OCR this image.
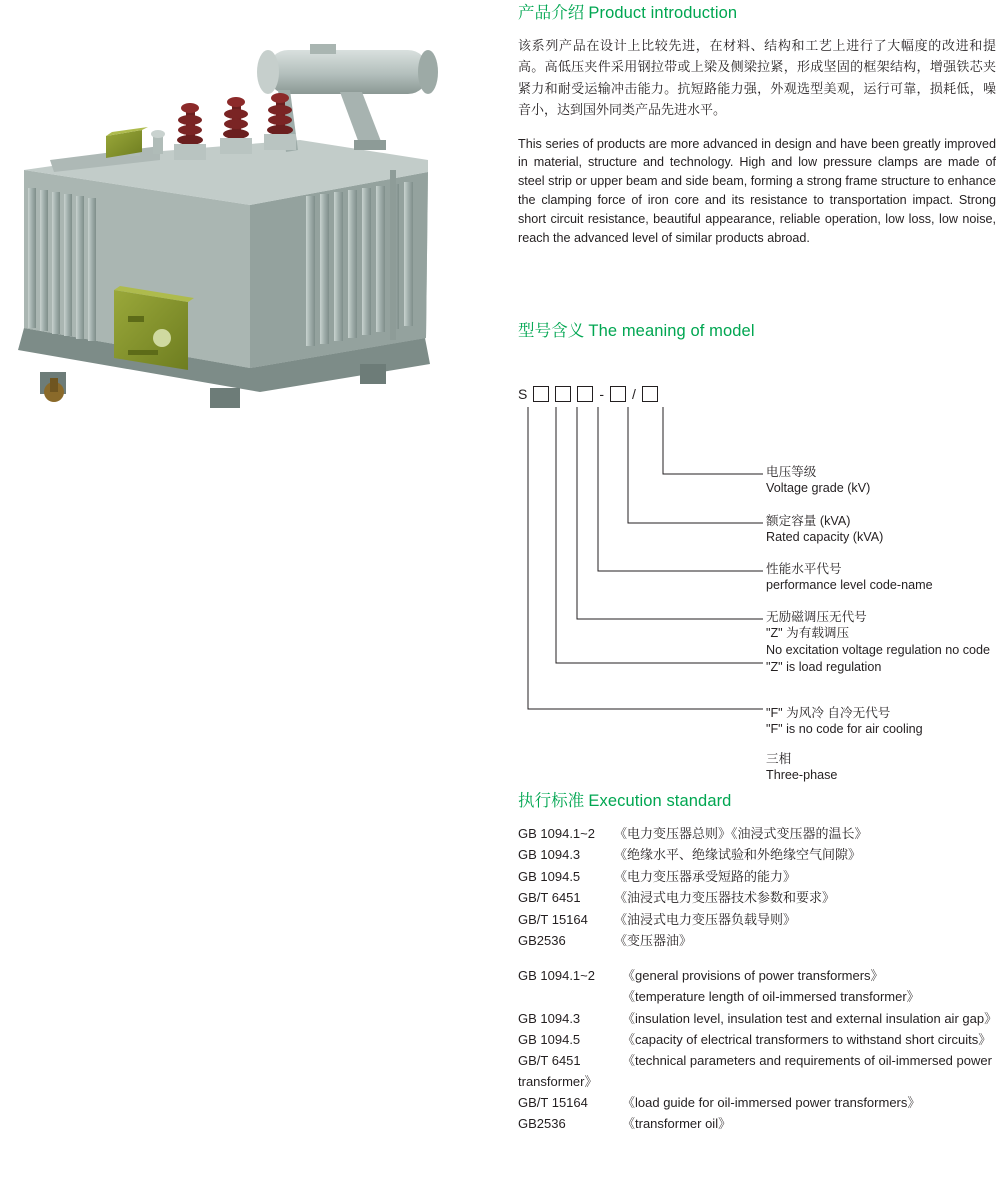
产品介绍 Product introduction

该系列产品在设计上比较先进，在材料、结构和工艺上进行了大幅度的改进和提高。高低压夹件采用钢拉带或上梁及侧梁拉紧，形成坚固的框架结构，增强铁芯夹紧力和耐受运输冲击能力。抗短路能力强，外观选型美观，运行可靠，损耗低，噪音小，达到国外同类产品先进水平。

This series of products are more advanced in design and have been greatly improved in material, structure and technology. High and low pressure clamps are made of steel strip or upper beam and side beam, forming a strong frame structure to enhance the clamping force of iron core and its resistance to transportation impact. Strong short circuit resistance, beautiful appearance, reliable operation, low loss, low noise, reach the advanced level of similar products abroad.

型号含义 The meaning of model
S	- /
电压等级
Voltage grade (kV)
额定容量 (kVA)
Rated capacity (kVA)
性能水平代号
performance level code-name
无励磁调压无代号
"Z" 为有载调压
No excitation voltage regulation no code
"Z" is load regulation
"F" 为风冷 自冷无代号
"F" is no code for air cooling
三相
Three-phase
执行标准 Execution standard
GB 1094.1~2	《电力变压器总则》《油浸式变压器的温长》
GB 1094.3	《绝缘水平、绝缘试验和外绝缘空气间隙》
GB 1094.5	《电力变压器承受短路的能力》
GB/T 6451	《油浸式电力变压器技术参数和要求》
GB/T 15164	《油浸式电力变压器负载导则》
GB2536	《变压器油》
GB 1094.1~2 《general provisions of power transformers》
《temperature length of oil-immersed transformer》
GB 1094.3	《insulation level, insulation test and external insulation air gap》
GB 1094.5	《capacity of electrical transformers to withstand short circuits》
GB/T 6451	《technical parameters and requirements of oil-immersed power transformer》
GB/T 15164	《load guide for oil-immersed power transformers》
GB2536	《transformer oil》
